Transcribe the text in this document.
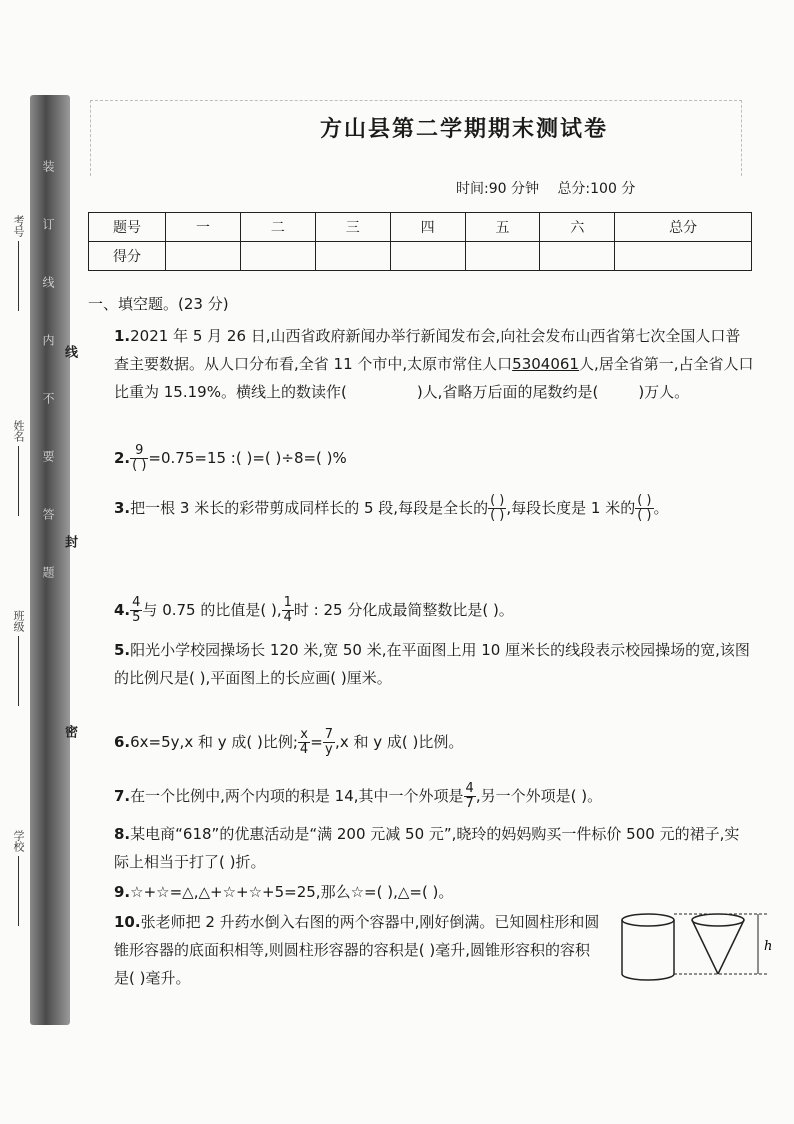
考号
姓名
班级
学校
线
封
密
装订线内不要答题
方山县第二学期期末测试卷
时间:90 分钟 总分:100 分
题号	一	二	三	四	五	六	总分
得分							
一、填空题。(23 分)
1.2021 年 5 月 26 日,山西省政府新闻办举行新闻发布会,向社会发布山西省第七次全国人口普查主要数据。从人口分布看,全省 11 个市中,太原市常住人口5304061人,居全省第一,占全省人口比重为 15.19%。横线上的数读作(	)人,省略万后面的尾数约是(	)万人。
2. $\frac{9}{( )} =0.75=15$ :( )=( )÷8=( )%
3.把一根 3 米长的彩带剪成同样长的 5 段,每段是全长的 $\frac{( )}{( )}$ ,每段长度是 1 米的 $\frac{( )}{( )}$ 。
4. $\frac{4}{5}$ 与 0.75 的比值是( ), $\frac{1}{4}$ 时 : 25 分化成最简整数比是( )。
5.阳光小学校园操场长 120 米,宽 50 米,在平面图上用 10 厘米长的线段表示校园操场的宽,该图的比例尺是( ),平面图上的长应画( )厘米。
6.6x=5y,x 和 y 成( )比例; $\frac{x}{4} = \frac{7}{y} ,x$ 和 y 成( )比例。
7.在一个比例中,两个内项的积是 14,其中一个外项是 $\frac{4}{7}$ ,另一个外项是( )。
8.某电商“618”的优惠活动是“满 200 元减 50 元”,晓玲的妈妈购买一件标价 500 元的裙子,实际上相当于打了( )折。
9.☆+☆=△,△+☆+☆+5=25,那么☆=( ),△=( )。
10.张老师把 2 升药水倒入右图的两个容器中,刚好倒满。已知圆柱形和圆锥形容器的底面积相等,则圆柱形容器的容积是( )毫升,圆锥形容积的容积是( )毫升。
h
